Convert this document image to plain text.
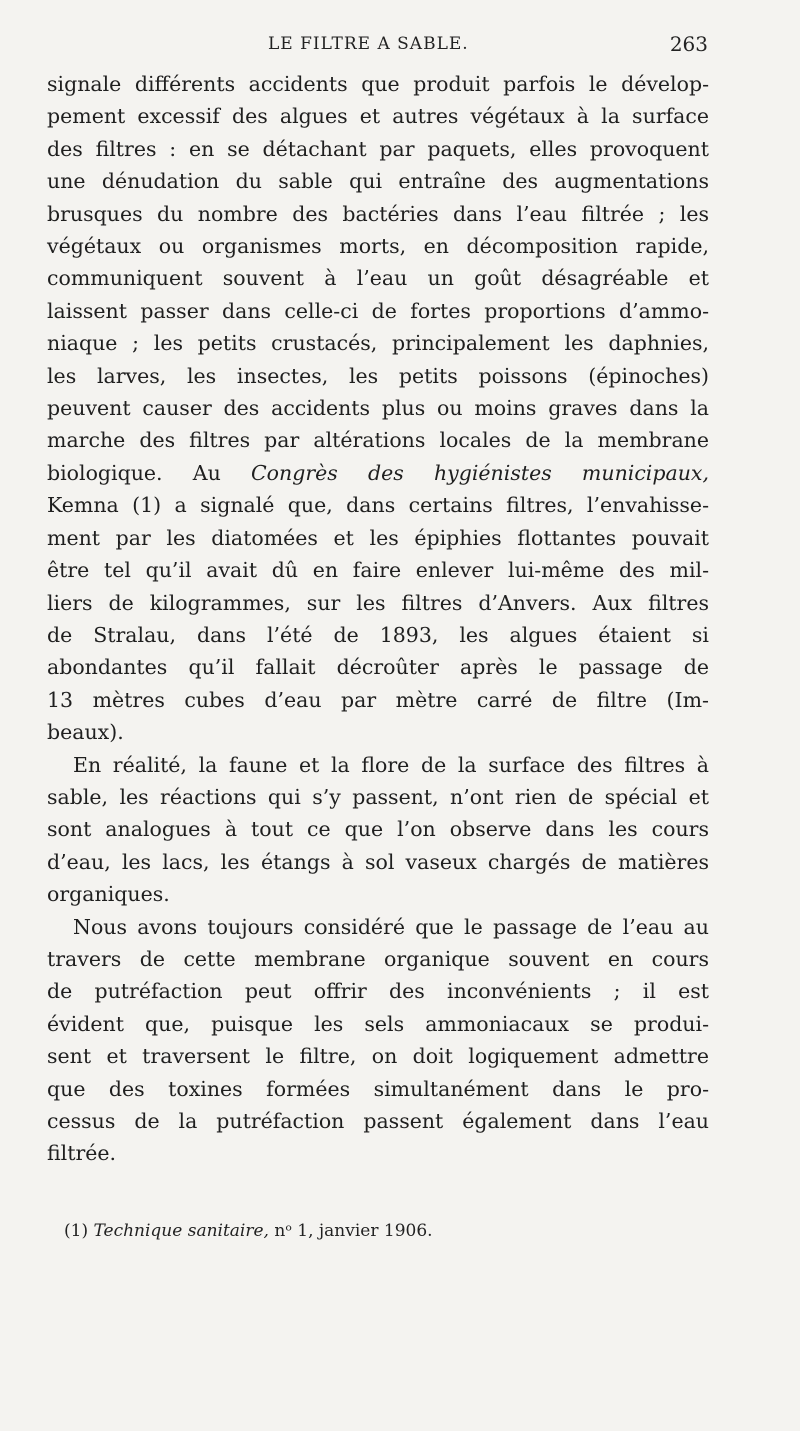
LE FILTRE A SABLE.	263

signale différents accidents que produit parfois le dévelop-
pement excessif des algues et autres végétaux à la surface
des filtres : en se détachant par paquets, elles provoquent
une dénudation du sable qui entraîne des augmentations
brusques du nombre des bactéries dans l’eau filtrée ; les
végétaux ou organismes morts, en décomposition rapide,
communiquent souvent à l’eau un goût désagréable et
laissent passer dans celle-ci de fortes proportions d’ammo-
niaque ; les petits crustacés, principalement les daphnies,
les larves, les insectes, les petits poissons (épinoches)
peuvent causer des accidents plus ou moins graves dans la
marche des filtres par altérations locales de la membrane
biologique. Au Congrès des hygiénistes municipaux,
Kemna (1) a signalé que, dans certains filtres, l’envahisse-
ment par les diatomées et les épiphies flottantes pouvait
être tel qu’il avait dû en faire enlever lui-même des mil-
liers de kilogrammes, sur les filtres d’Anvers. Aux filtres
de Stralau, dans l’été de 1893, les algues étaient si
abondantes qu’il fallait décroûter après le passage de
13 mètres cubes d’eau par mètre carré de filtre (Im-
beaux).

En réalité, la faune et la flore de la surface des filtres à
sable, les réactions qui s’y passent, n’ont rien de spécial et
sont analogues à tout ce que l’on observe dans les cours
d’eau, les lacs, les étangs à sol vaseux chargés de matières
organiques.

Nous avons toujours considéré que le passage de l’eau au
travers de cette membrane organique souvent en cours
de putréfaction peut offrir des inconvénients ; il est
évident que, puisque les sels ammoniacaux se produi-
sent et traversent le filtre, on doit logiquement admettre
que des toxines formées simultanément dans le pro-
cessus de la putréfaction passent également dans l’eau
filtrée.

(1) Technique sanitaire, nᵒ 1, janvier 1906.
